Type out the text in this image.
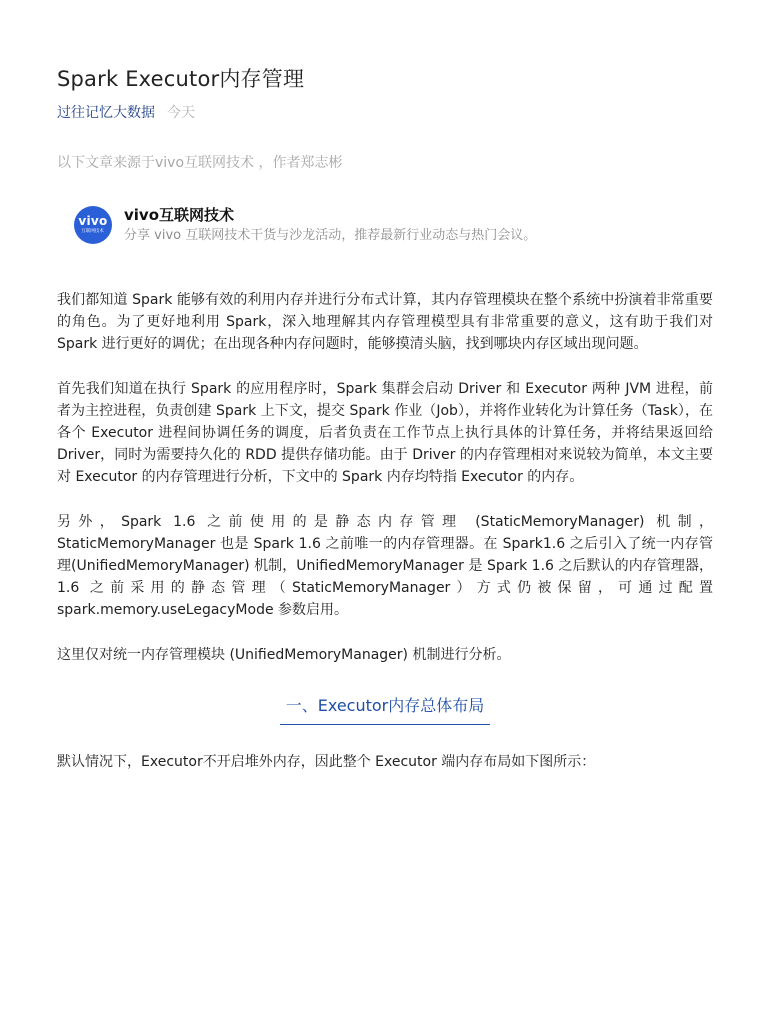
Spark Executor内存管理
过往记忆大数据 今天
以下文章来源于vivo互联网技术 ，作者郑志彬
vivo
互联网技术
vivo互联网技术
分享 vivo 互联网技术干货与沙龙活动，推荐最新行业动态与热门会议。

我们都知道 Spark 能够有效的利用内存并进行分布式计算，其内存管理模块在整个系统中扮演着非常重要的角色。为了更好地利用 Spark，深入地理解其内存管理模型具有非常重要的意义，这有助于我们对 Spark 进行更好的调优；在出现各种内存问题时，能够摸清头脑，找到哪块内存区域出现问题。

首先我们知道在执行 Spark 的应用程序时，Spark 集群会启动 Driver 和 Executor 两种 JVM 进程，前者为主控进程，负责创建 Spark 上下文，提交 Spark 作业（Job），并将作业转化为计算任务（Task），在各个 Executor 进程间协调任务的调度，后者负责在工作节点上执行具体的计算任务，并将结果返回给 Driver，同时为需要持久化的 RDD 提供存储功能。由于 Driver 的内存管理相对来说较为简单，本文主要对 Executor 的内存管理进行分析，下文中的 Spark 内存均特指 Executor 的内存。

另外，Spark 1.6 之前使用的是静态内存管理 (StaticMemoryManager) 机制，StaticMemoryManager 也是 Spark 1.6 之前唯一的内存管理器。在 Spark1.6 之后引入了统一内存管理(UnifiedMemoryManager) 机制，UnifiedMemoryManager 是 Spark 1.6 之后默认的内存管理器，1.6 之前采用的静态管理（StaticMemoryManager）方式仍被保留，可通过配置 spark.memory.useLegacyMode 参数启用。

这里仅对统一内存管理模块 (UnifiedMemoryManager) 机制进行分析。

一、Executor内存总体布局
默认情况下，Executor不开启堆外内存，因此整个 Executor 端内存布局如下图所示：
